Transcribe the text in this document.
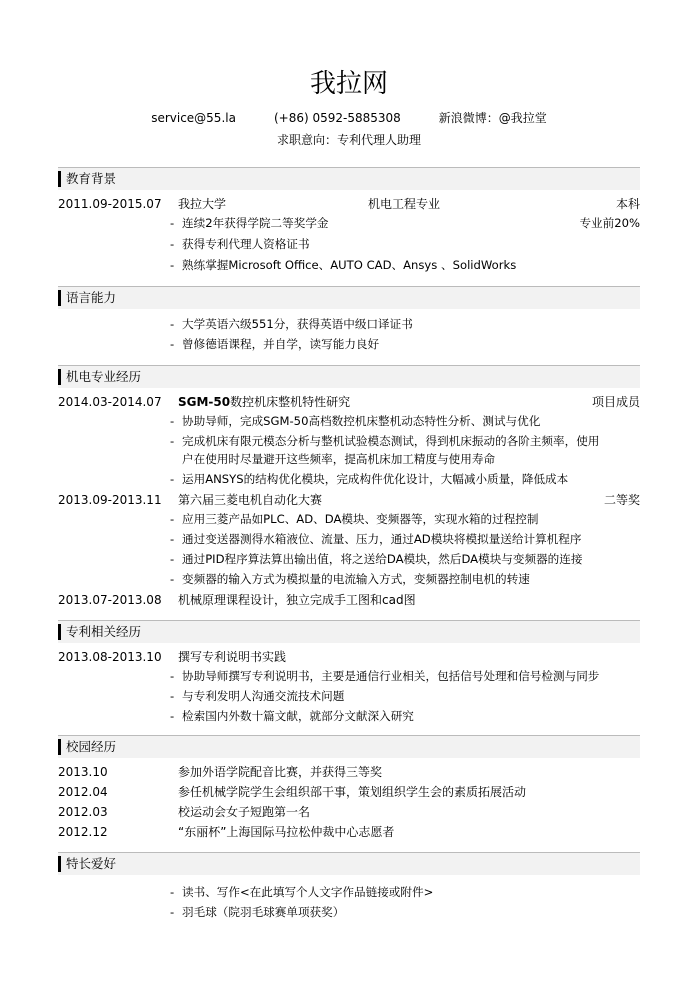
我拉网
service@55.la	(+86) 0592-5885308	新浪微博：@我拉堂
求职意向：专利代理人助理
教育背景
2011.09-2015.07	我拉大学	机电工程专业	本科
- 连续2年获得学院二等奖学金	专业前20%
- 获得专利代理人资格证书
- 熟练掌握Microsoft Office、AUTO CAD、Ansys 、SolidWorks
语言能力
- 大学英语六级551分，获得英语中级口译证书
- 曾修德语课程，并自学，读写能力良好
机电专业经历
2014.03-2014.07	SGM-50数控机床整机特性研究	项目成员
- 协助导师，完成SGM-50高档数控机床整机动态特性分析、测试与优化
- 完成机床有限元模态分析与整机试验模态测试，得到机床振动的各阶主频率，使用
户在使用时尽量避开这些频率，提高机床加工精度与使用寿命
- 运用ANSYS的结构优化模块，完成构件优化设计，大幅减小质量，降低成本
2013.09-2013.11	第六届三菱电机自动化大赛	二等奖
- 应用三菱产品如PLC、AD、DA模块、变频器等，实现水箱的过程控制
- 通过变送器测得水箱液位、流量、压力，通过AD模块将模拟量送给计算机程序
- 通过PID程序算法算出输出值，将之送给DA模块，然后DA模块与变频器的连接
- 变频器的输入方式为模拟量的电流输入方式，变频器控制电机的转速
2013.07-2013.08	机械原理课程设计，独立完成手工图和cad图
专利相关经历
2013.08-2013.10	撰写专利说明书实践
- 协助导师撰写专利说明书，主要是通信行业相关，包括信号处理和信号检测与同步
- 与专利发明人沟通交流技术问题
- 检索国内外数十篇文献，就部分文献深入研究
校园经历
2013.10	参加外语学院配音比赛，并获得三等奖
2012.04	参任机械学院学生会组织部干事，策划组织学生会的素质拓展活动
2012.03	校运动会女子短跑第一名
2012.12	“东丽杯”上海国际马拉松仲裁中心志愿者
特长爱好
- 读书、写作<在此填写个人文字作品链接或附件>
- 羽毛球（院羽毛球赛单项获奖）
